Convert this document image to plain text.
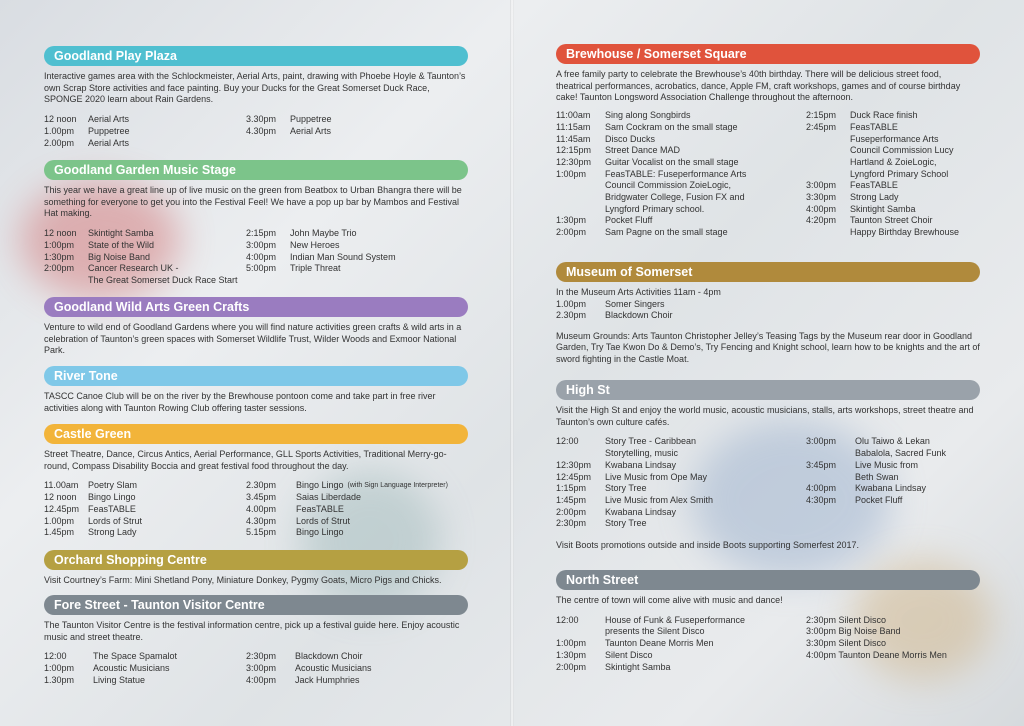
Goodland Play Plaza
Interactive games area with the Schlockmeister, Aerial Arts, paint, drawing with Phoebe Hoyle & Taunton’s own Scrap Store activities and face painting. Buy your Ducks for the Great Somerset Duck Race, SPONGE 2020 learn about Rain Gardens.
12 noon	Aerial Arts
1.00pm	Puppetree
2.00pm	Aerial Arts
3.30pm	Puppetree
4.30pm	Aerial Arts
Goodland Garden Music Stage
This year we have a great line up of live music on the green from Beatbox to Urban Bhangra there will be something for everyone to get you into the Festival Feel! We have a pop up bar by Mambos and Festival Hat making.
12 noon	Skintight Samba
1:00pm	State of the Wild
1:30pm	Big Noise Band
2:00pm	Cancer Research UK -
The Great Somerset Duck Race Start
2:15pm	John Maybe Trio
3:00pm	New Heroes
4:00pm	Indian Man Sound System
5:00pm	Triple Threat
Goodland Wild Arts Green Crafts
Venture to wild end of Goodland Gardens where you will find nature activities green crafts & wild arts in a celebration of Taunton’s green spaces with Somerset Wildlife Trust, Wilder Woods and Exmoor National Park.
River Tone
TASCC Canoe Club will be on the river by the Brewhouse pontoon come and take part in free river activities along with Taunton Rowing Club offering taster sessions.
Castle Green
Street Theatre, Dance, Circus Antics, Aerial Performance, GLL Sports Activities, Traditional Merry-go-round, Compass Disability Boccia and great festival food throughout the day.
11.00am	Poetry Slam
12 noon	Bingo Lingo
12.45pm FeasTABLE
1.00pm	Lords of Strut
1.45pm	Strong Lady
2.30pm	Bingo Lingo (with Sign Language Interpreter)
3.45pm	Saias Liberdade
4.00pm	FeasTABLE
4.30pm	Lords of Strut
5.15pm	Bingo Lingo
Orchard Shopping Centre
Visit Courtney’s Farm: Mini Shetland Pony, Miniature Donkey, Pygmy Goats, Micro Pigs and Chicks.
Fore Street - Taunton Visitor Centre
The Taunton Visitor Centre is the festival information centre, pick up a festival guide here. Enjoy acoustic music and street theatre.
12:00	The Space Spamalot
1:00pm	Acoustic Musicians
1.30pm	Living Statue
2:30pm	Blackdown Choir
3:00pm	Acoustic Musicians
4:00pm	Jack Humphries
Brewhouse / Somerset Square
A free family party to celebrate the Brewhouse’s 40th birthday. There will be delicious street food, theatrical performances, acrobatics, dance, Apple FM, craft workshops, games and of course birthday cake! Taunton Longsword Association Challenge throughout the afternoon.
11:00am	Sing along Songbirds
11:15am	Sam Cockram on the small stage
11:45am	Disco Ducks
12:15pm	Street Dance MAD
12:30pm	Guitar Vocalist on the small stage
1:00pm	FeasTABLE: Fuseperformance Arts
Council Commission ZoieLogic,
Bridgwater College, Fusion FX and
Lyngford Primary school.
1:30pm	Pocket Fluff
2:00pm	Sam Pagne on the small stage
2:15pm	Duck Race finish
2:45pm	FeasTABLE
Fuseperformance Arts
Council Commission Lucy
Hartland & ZoieLogic,
Lyngford Primary School
3:00pm	FeasTABLE
3:30pm	Strong Lady
4:00pm	Skintight Samba
4:20pm	Taunton Street Choir
Happy Birthday Brewhouse
Museum of Somerset
In the Museum Arts Activities 11am - 4pm
1.00pm	Somer Singers
2.30pm	Blackdown Choir
Museum Grounds: Arts Taunton Christopher Jelley’s Teasing Tags by the Museum rear door in Goodland Garden, Try Tae Kwon Do & Demo’s, Try Fencing and Knight school, learn how to be knights and the art of sword fighting in the Castle Moat.
High St
Visit the High St and enjoy the world music, acoustic musicians, stalls, arts workshops, street theatre and Taunton’s own culture cafés.
12:00	Story Tree - Caribbean
Storytelling, music
12:30pm	Kwabana Lindsay
12:45pm	Live Music from Ope May
1:15pm	Story Tree
1:45pm	Live Music from Alex Smith
2:00pm	Kwabana Lindsay
2:30pm	Story Tree
3:00pm	Olu Taiwo & Lekan
Babalola, Sacred Funk
3:45pm	Live Music from
Beth Swan
4:00pm	Kwabana Lindsay
4:30pm	Pocket Fluff
Visit Boots promotions outside and inside Boots supporting Somerfest 2017.
North Street
The centre of town will come alive with music and dance!
12:00	House of Funk & Fuseperformance
presents the Silent Disco
1:00pm	Taunton Deane Morris Men
1:30pm	Silent Disco
2:00pm	Skintight Samba
2:30pm Silent Disco
3:00pm Big Noise Band
3:30pm Silent Disco
4:00pm Taunton Deane Morris Men
